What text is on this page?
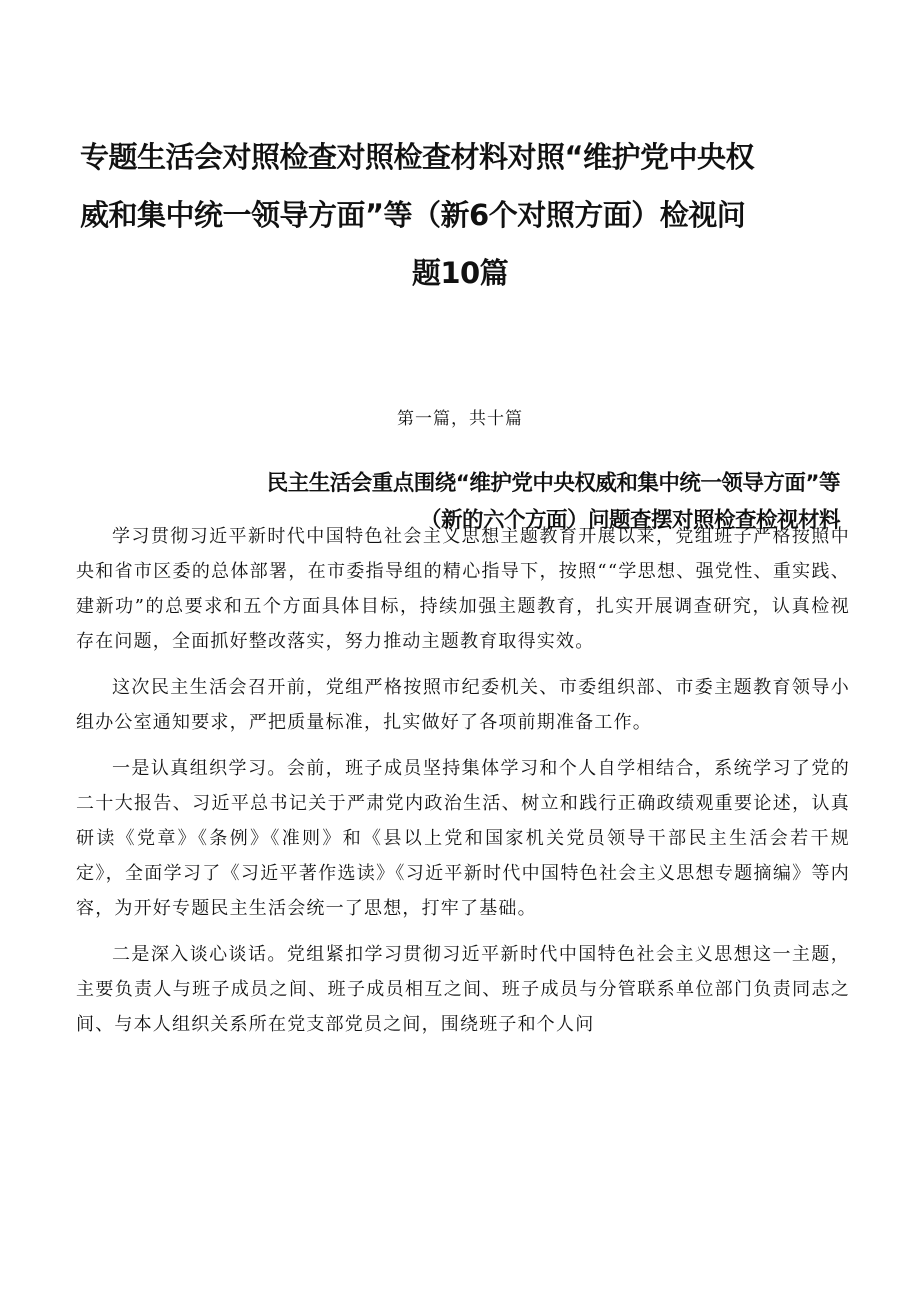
专题生活会对照检查对照检查材料对照“维护党中央权
威和集中统一领导方面”等（新6个对照方面）检视问
题10篇
第一篇，共十篇
民主生活会重点围绕“维护党中央权威和集中统一领导方面”等
（新的六个方面）问题查摆对照检查检视材料

学习贯彻习近平新时代中国特色社会主义思想主题教育开展以来，党组班子严格按照中央和省市区委的总体部署，在市委指导组的精心指导下，按照““学思想、强党性、重实践、建新功”的总要求和五个方面具体目标，持续加强主题教育，扎实开展调查研究，认真检视存在问题，全面抓好整改落实，努力推动主题教育取得实效。

这次民主生活会召开前，党组严格按照市纪委机关、市委组织部、市委主题教育领导小组办公室通知要求，严把质量标准，扎实做好了各项前期准备工作。

一是认真组织学习。会前，班子成员坚持集体学习和个人自学相结合，系统学习了党的二十大报告、习近平总书记关于严肃党内政治生活、树立和践行正确政绩观重要论述，认真研读《党章》《条例》《准则》和《县以上党和国家机关党员领导干部民主生活会若干规定》，全面学习了《习近平著作选读》《习近平新时代中国特色社会主义思想专题摘编》等内容，为开好专题民主生活会统一了思想，打牢了基础。

二是深入谈心谈话。党组紧扣学习贯彻习近平新时代中国特色社会主义思想这一主题，主要负责人与班子成员之间、班子成员相互之间、班子成员与分管联系单位部门负责同志之间、与本人组织关系所在党支部党员之间，围绕班子和个人问
